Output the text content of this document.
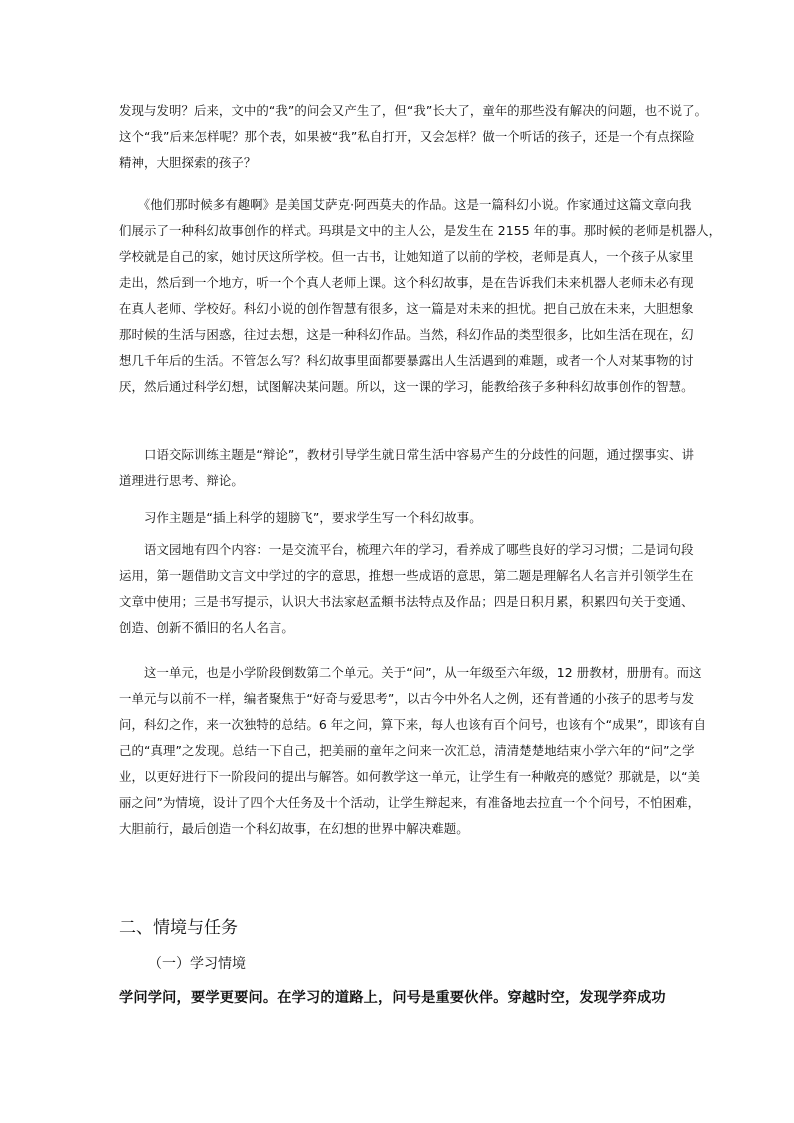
发现与发明？后来，文中的“我”的问会又产生了，但“我”长大了，童年的那些没有解决的问题，也不说了。
这个“我”后来怎样呢？那个表，如果被“我”私自打开，又会怎样？做一个听话的孩子，还是一个有点探险
精神，大胆探索的孩子？
　　《他们那时候多有趣啊》是美国艾萨克·阿西莫夫的作品。这是一篇科幻小说。作家通过这篇文章向我
们展示了一种科幻故事创作的样式。玛琪是文中的主人公，是发生在 2155 年的事。那时候的老师是机器人，
学校就是自己的家，她讨厌这所学校。但一古书，让她知道了以前的学校，老师是真人，一个孩子从家里
走出，然后到一个地方，听一个个真人老师上课。这个科幻故事，是在告诉我们未来机器人老师未必有现
在真人老师、学校好。科幻小说的创作智慧有很多，这一篇是对未来的担忧。把自己放在未来，大胆想象
那时候的生活与困惑，往过去想，这是一种科幻作品。当然，科幻作品的类型很多，比如生活在现在，幻
想几千年后的生活。不管怎么写？科幻故事里面都要暴露出人生活遇到的难题，或者一个人对某事物的讨
厌，然后通过科学幻想，试图解决某问题。所以，这一课的学习，能教给孩子多种科幻故事创作的智慧。
　　口语交际训练主题是“辩论”，教材引导学生就日常生活中容易产生的分歧性的问题，通过摆事实、讲
道理进行思考、辩论。
　　习作主题是“插上科学的翅膀飞”，要求学生写一个科幻故事。
　　语文园地有四个内容：一是交流平台，梳理六年的学习，看养成了哪些良好的学习习惯；二是词句段
运用，第一题借助文言文中学过的字的意思，推想一些成语的意思，第二题是理解名人名言并引领学生在
文章中使用；三是书写提示，认识大书法家赵孟頫书法特点及作品；四是日积月累，积累四句关于变通、
创造、创新不循旧的名人名言。
　　这一单元，也是小学阶段倒数第二个单元。关于“问”，从一年级至六年级，12 册教材，册册有。而这
一单元与以前不一样，编者聚焦于“好奇与爱思考”，以古今中外名人之例，还有普通的小孩子的思考与发
问，科幻之作，来一次独特的总结。6 年之问，算下来，每人也该有百个问号，也该有个“成果”，即该有自
己的“真理”之发现。总结一下自己，把美丽的童年之问来一次汇总，清清楚楚地结束小学六年的“问”之学
业，以更好进行下一阶段问的提出与解答。如何教学这一单元，让学生有一种敞亮的感觉？那就是，以“美
丽之问”为情境，设计了四个大任务及十个活动，让学生辩起来，有准备地去拉直一个个问号，不怕困难，
大胆前行，最后创造一个科幻故事，在幻想的世界中解决难题。
二、情境与任务
（一）学习情境
学问学问，要学更要问。在学习的道路上，问号是重要伙伴。穿越时空，发现学弈成功
